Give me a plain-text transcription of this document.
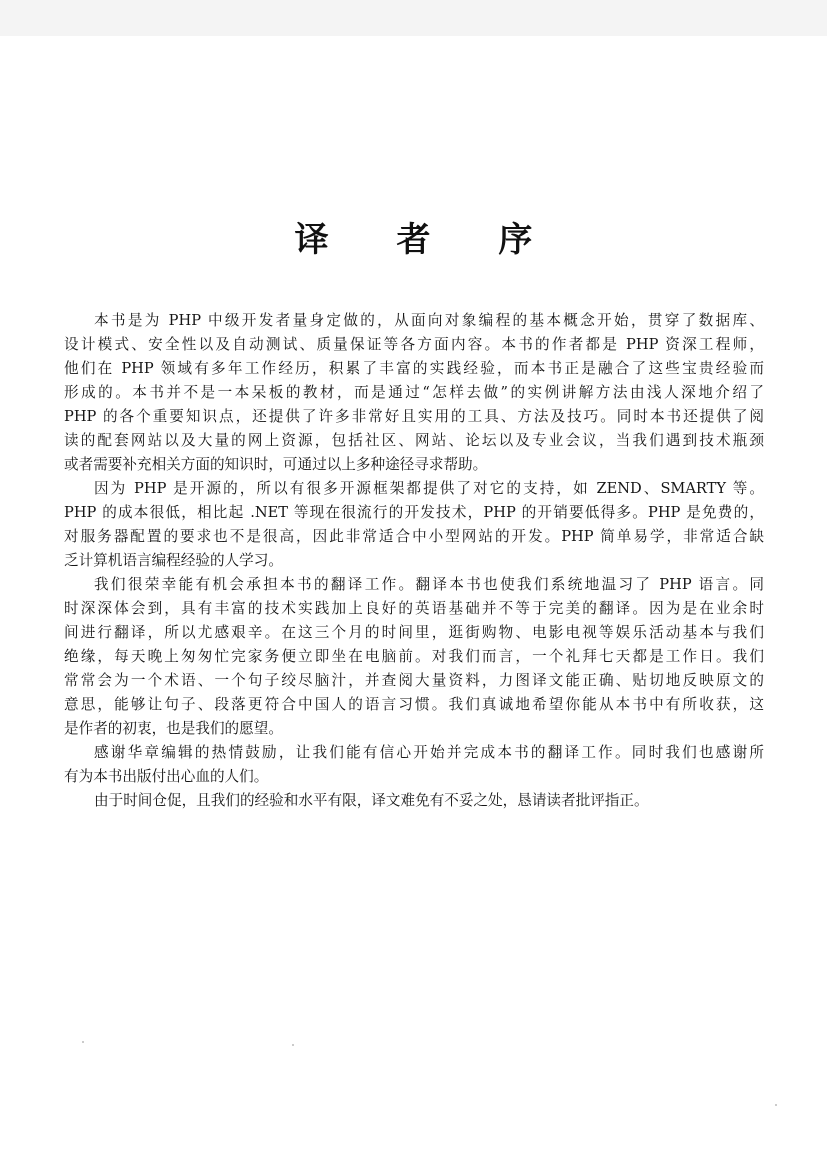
译 者 序
本书是为 PHP 中级开发者量身定做的，从面向对象编程的基本概念开始，贯穿了数据库、
设计模式、安全性以及自动测试、质量保证等各方面内容。本书的作者都是 PHP 资深工程师，
他们在 PHP 领域有多年工作经历，积累了丰富的实践经验，而本书正是融合了这些宝贵经验而
形成的。本书并不是一本呆板的教材，而是通过“怎样去做”的实例讲解方法由浅人深地介绍了
PHP 的各个重要知识点，还提供了许多非常好且实用的工具、方法及技巧。同时本书还提供了阅
读的配套网站以及大量的网上资源，包括社区、网站、论坛以及专业会议，当我们遇到技术瓶颈
或者需要补充相关方面的知识时，可通过以上多种途径寻求帮助。
因为 PHP 是开源的，所以有很多开源框架都提供了对它的支持，如 ZEND、SMARTY 等。
PHP 的成本很低，相比起 .NET 等现在很流行的开发技术，PHP 的开销要低得多。PHP 是免费的，
对服务器配置的要求也不是很高，因此非常适合中小型网站的开发。PHP 简单易学，非常适合缺
乏计算机语言编程经验的人学习。
我们很荣幸能有机会承担本书的翻译工作。翻译本书也使我们系统地温习了 PHP 语言。同
时深深体会到，具有丰富的技术实践加上良好的英语基础并不等于完美的翻译。因为是在业余时
间进行翻译，所以尤感艰辛。在这三个月的时间里，逛街购物、电影电视等娱乐活动基本与我们
绝缘，每天晚上匆匆忙完家务便立即坐在电脑前。对我们而言，一个礼拜七天都是工作日。我们
常常会为一个术语、一个句子绞尽脑汁，并查阅大量资料，力图译文能正确、贴切地反映原文的
意思，能够让句子、段落更符合中国人的语言习惯。我们真诚地希望你能从本书中有所收获，这
是作者的初衷，也是我们的愿望。
感谢华章编辑的热情鼓励，让我们能有信心开始并完成本书的翻译工作。同时我们也感谢所
有为本书出版付出心血的人们。
由于时间仓促，且我们的经验和水平有限，译文难免有不妥之处，恳请读者批评指正。
